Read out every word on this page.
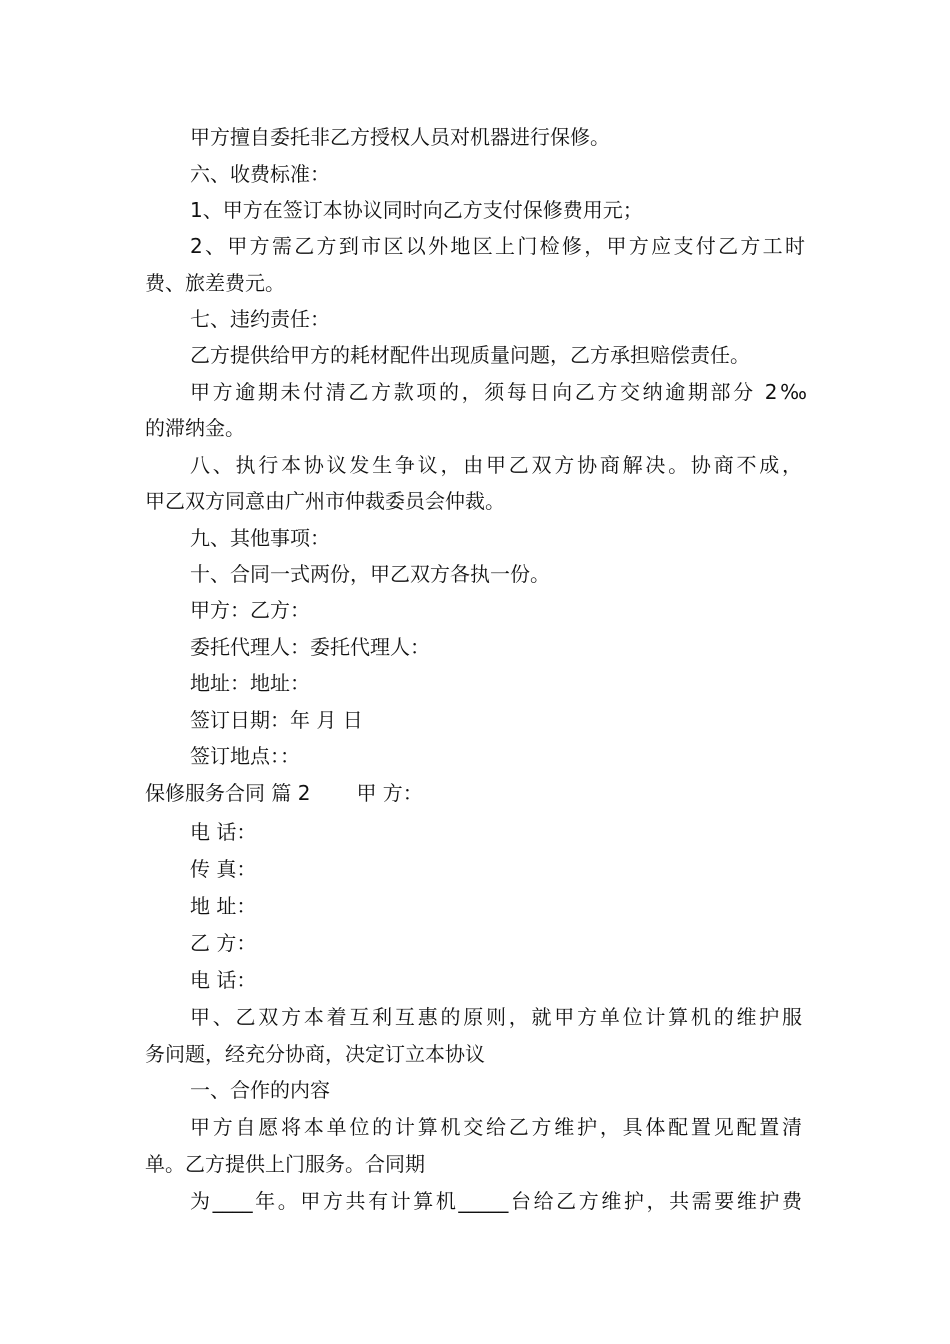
甲方擅自委托非乙方授权人员对机器进行保修。
六、收费标准：
1、甲方在签订本协议同时向乙方支付保修费用元；
2、甲方需乙方到市区以外地区上门检修，甲方应支付乙方工时
费、旅差费元。
七、违约责任：
乙方提供给甲方的耗材配件出现质量问题，乙方承担赔偿责任。
甲方逾期未付清乙方款项的，须每日向乙方交纳逾期部分 2‰
的滞纳金。
八、执行本协议发生争议，由甲乙双方协商解决。协商不成，
甲乙双方同意由广州市仲裁委员会仲裁。
九、其他事项：
十、合同一式两份，甲乙双方各执一份。
甲方：乙方：
委托代理人：委托代理人：
地址：地址：
签订日期：年 月 日
签订地点：：
保修服务合同 篇 2 甲 方：
电 话：
传 真：
地 址：
乙 方：
电 话：
甲、乙双方本着互利互惠的原则，就甲方单位计算机的维护服
务问题，经充分协商，决定订立本协议
一、合作的内容
甲方自愿将本单位的计算机交给乙方维护，具体配置见配置清
单。乙方提供上门服务。合同期
为____年。甲方共有计算机_____台给乙方维护，共需要维护费
